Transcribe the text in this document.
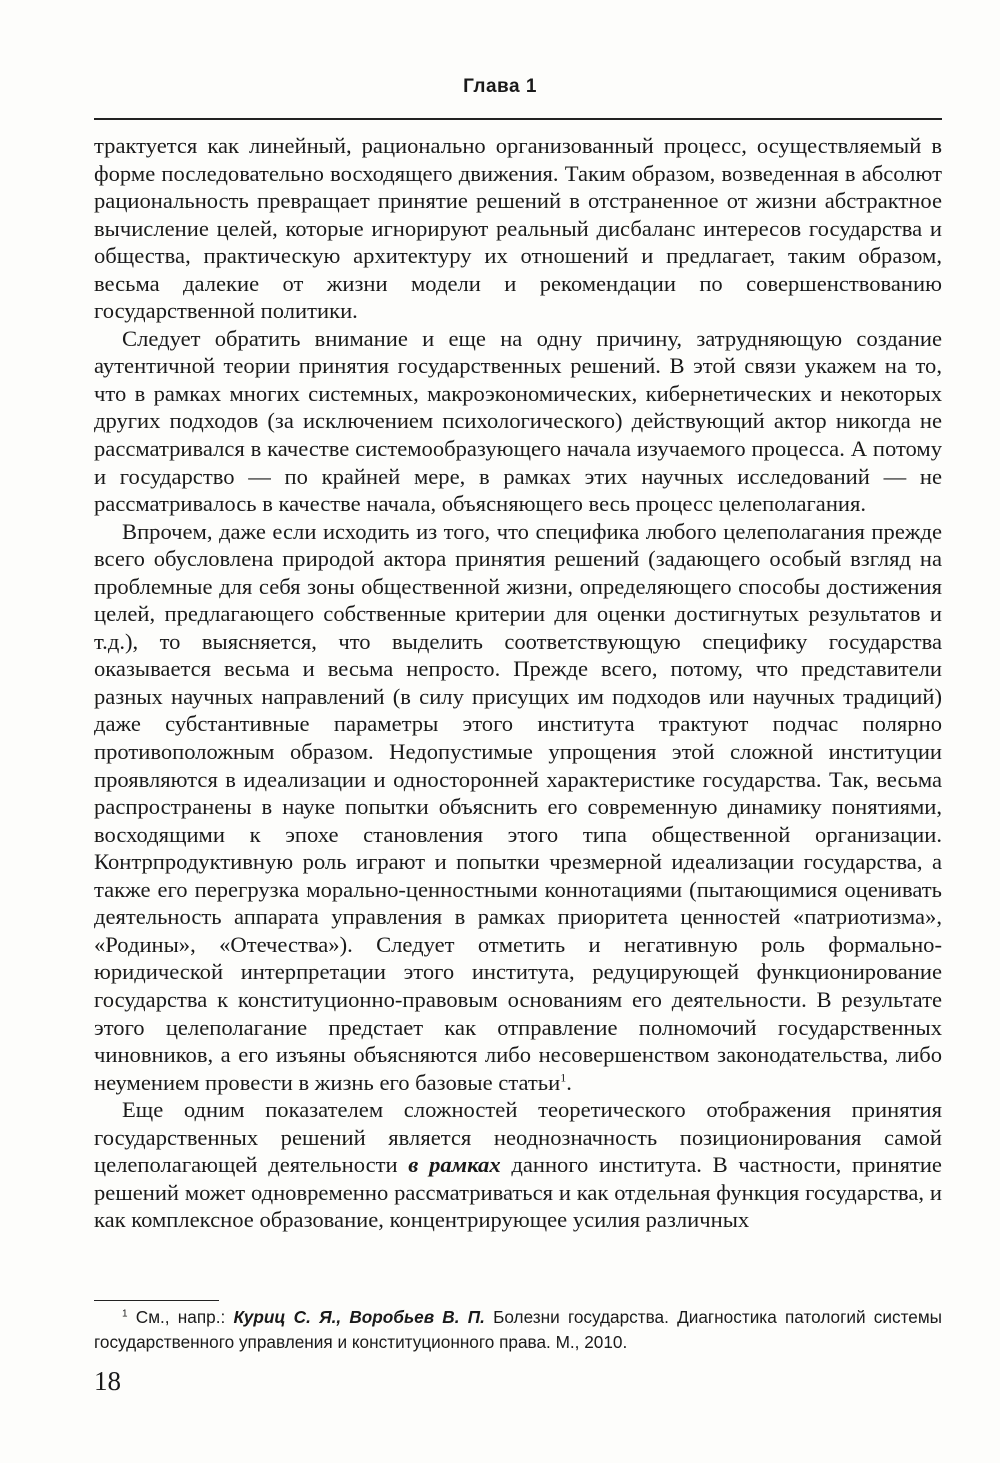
Глава 1

трактуется как линейный, рационально организованный процесс, осуществляемый в форме последовательно восходящего движения. Таким образом, возведенная в абсолют рациональность превращает принятие решений в отстраненное от жизни абстрактное вычисление целей, которые игнорируют реальный дисбаланс интересов государства и общества, практическую архитектуру их отношений и предлагает, таким образом, весьма далекие от жизни модели и рекомендации по совершенствованию государственной политики.

Следует обратить внимание и еще на одну причину, затрудняющую создание аутентичной теории принятия государственных решений. В этой связи укажем на то, что в рамках многих системных, макроэкономических, кибернетических и некоторых других подходов (за исключением психологического) действующий актор никогда не рассматривался в качестве системообразующего начала изучаемого процесса. А потому и государство — по крайней мере, в рамках этих научных исследований — не рассматривалось в качестве начала, объясняющего весь процесс целеполагания.

Впрочем, даже если исходить из того, что специфика любого целеполагания прежде всего обусловлена природой актора принятия решений (задающего особый взгляд на проблемные для себя зоны общественной жизни, определяющего способы достижения целей, предлагающего собственные критерии для оценки достигнутых результатов и т.д.), то выясняется, что выделить соответствующую специфику государства оказывается весьма и весьма непросто. Прежде всего, потому, что представители разных научных направлений (в силу присущих им подходов или научных традиций) даже субстантивные параметры этого института трактуют подчас полярно противоположным образом. Недопустимые упрощения этой сложной институции проявляются в идеализации и односторонней характеристике государства. Так, весьма распространены в науке попытки объяснить его современную динамику понятиями, восходящими к эпохе становления этого типа общественной организации. Контрпродуктивную роль играют и попытки чрезмерной идеализации государства, а также его перегрузка морально-ценностными коннотациями (пытающимися оценивать деятельность аппарата управления в рамках приоритета ценностей «патриотизма», «Родины», «Отечества»). Следует отметить и негативную роль формально-юридической интерпретации этого института, редуцирующей функционирование государства к конституционно-правовым основаниям его деятельности. В результате этого целеполагание предстает как отправление полномочий государственных чиновников, а его изъяны объясняются либо несовершенством законодательства, либо неумением провести в жизнь его базовые статьи$^1$.

Еще одним показателем сложностей теоретического отображения принятия государственных решений является неоднозначность позиционирования самой целеполагающей деятельности в рамках данного института. В частности, принятие решений может одновременно рассматриваться и как отдельная функция государства, и как комплексное образование, концентрирующее усилия различных

$^1$ См., напр.: Куриц С. Я., Воробьев В. П. Болезни государства. Диагностика патологий системы государственного управления и конституционного права. М., 2010.
18
